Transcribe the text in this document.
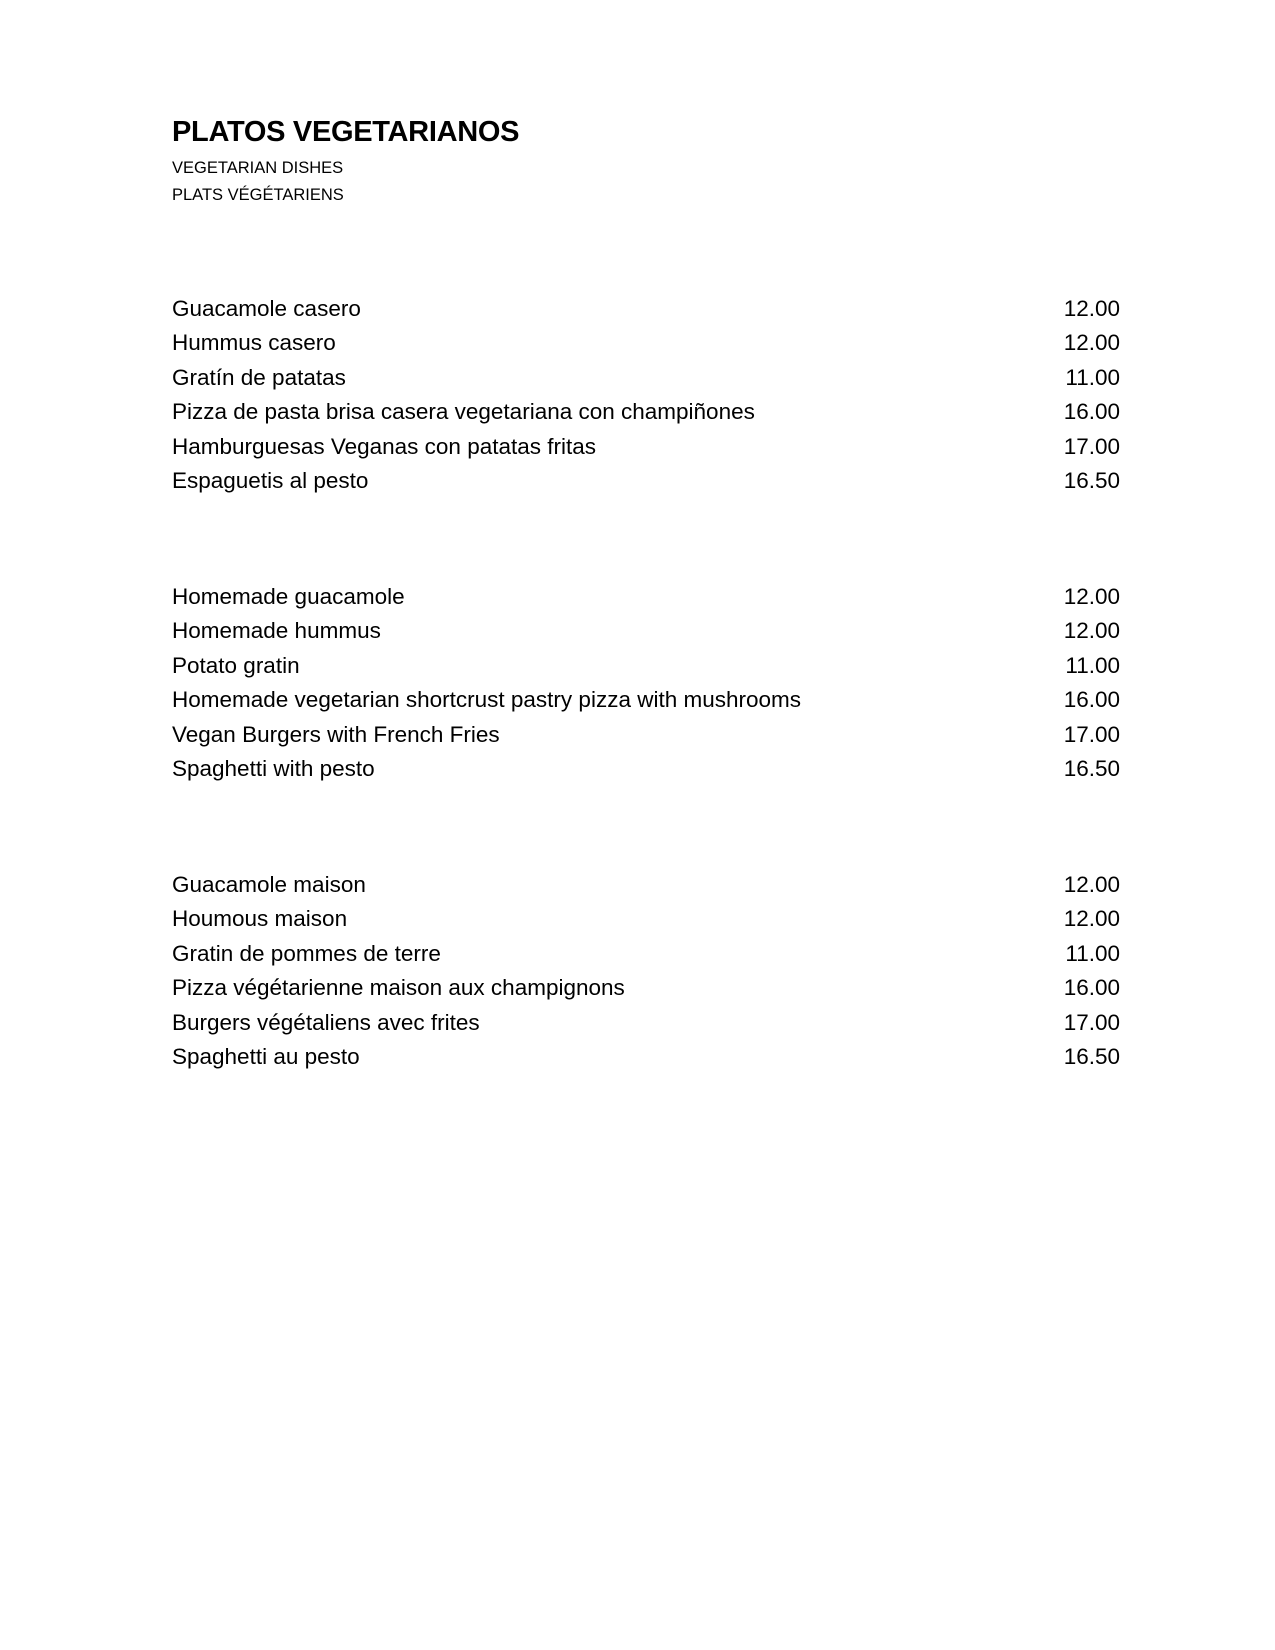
PLATOS VEGETARIANOS
VEGETARIAN DISHES
PLATS VÉGÉTARIENS
Guacamole casero	12.00
Hummus casero	12.00
Gratín de patatas	11.00
Pizza de pasta brisa casera vegetariana con champiñones	16.00
Hamburguesas Veganas con patatas fritas	17.00
Espaguetis al pesto	16.50
Homemade guacamole	12.00
Homemade hummus	12.00
Potato gratin	11.00
Homemade vegetarian shortcrust pastry pizza with mushrooms	16.00
Vegan Burgers with French Fries	17.00
Spaghetti with pesto	16.50
Guacamole maison	12.00
Houmous maison	12.00
Gratin de pommes de terre	11.00
Pizza végétarienne maison aux champignons	16.00
Burgers végétaliens avec frites	17.00
Spaghetti au pesto	16.50
